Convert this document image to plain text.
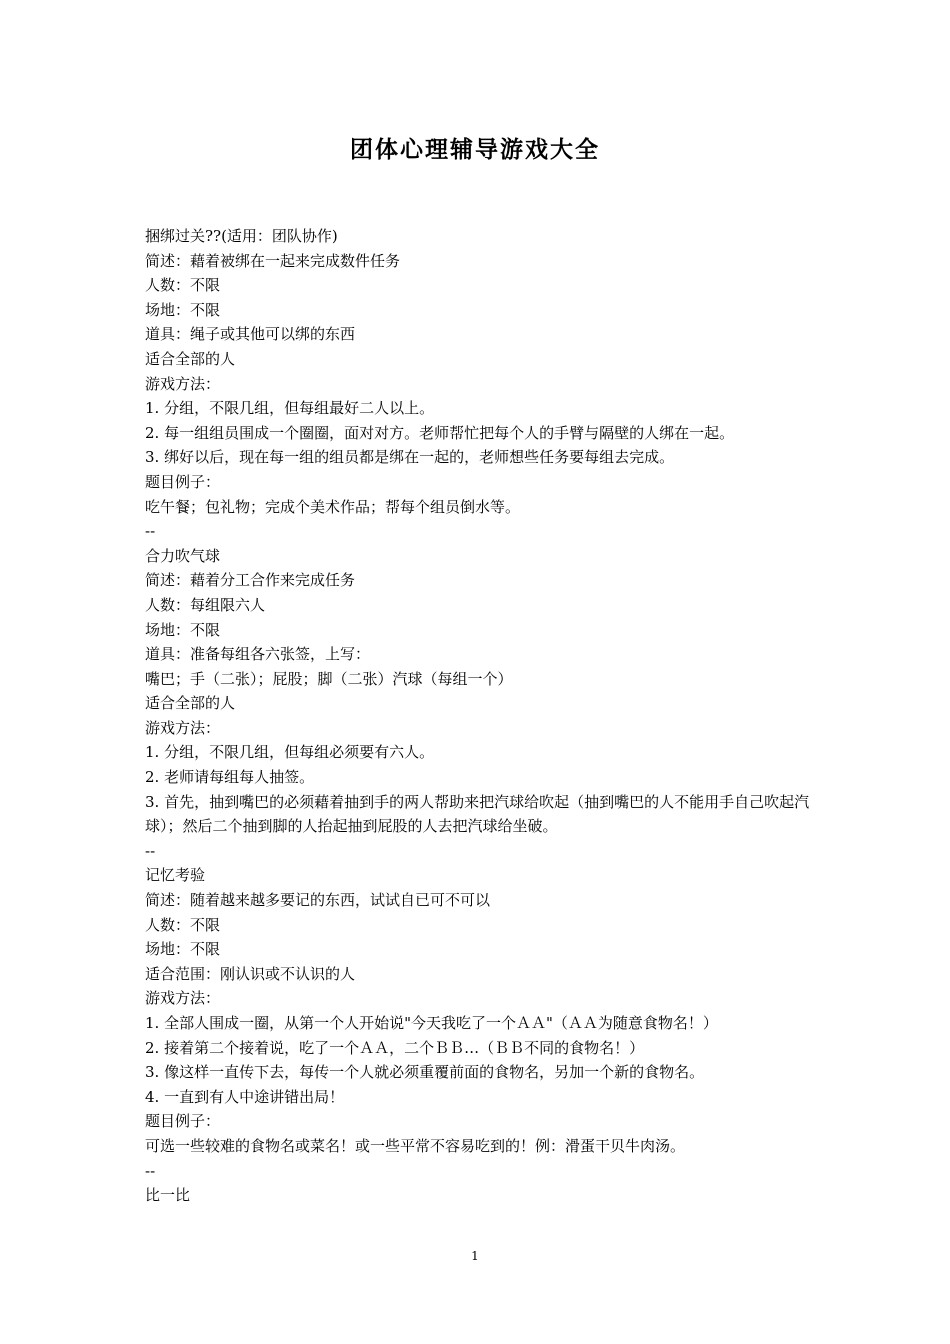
团体心理辅导游戏大全
捆绑过关??(适用：团队协作)
简述：藉着被绑在一起来完成数件任务
人数：不限
场地：不限
道具：绳子或其他可以绑的东西
适合全部的人
游戏方法：
1. 分组，不限几组，但每组最好二人以上。
2. 每一组组员围成一个圈圈，面对对方。老师帮忙把每个人的手臂与隔壁的人绑在一起。
3. 绑好以后，现在每一组的组员都是绑在一起的，老师想些任务要每组去完成。
题目例子：
吃午餐；包礼物；完成个美术作品；帮每个组员倒水等。
--
合力吹气球
简述：藉着分工合作来完成任务
人数：每组限六人
场地：不限
道具：准备每组各六张签，上写：
嘴巴；手（二张）；屁股；脚（二张）汽球（每组一个）
适合全部的人
游戏方法：
1. 分组，不限几组，但每组必须要有六人。
2. 老师请每组每人抽签。
3. 首先，抽到嘴巴的必须藉着抽到手的两人帮助来把汽球给吹起（抽到嘴巴的人不能用手自己吹起汽球）；然后二个抽到脚的人抬起抽到屁股的人去把汽球给坐破。
--
记忆考验
简述：随着越来越多要记的东西，试试自已可不可以
人数：不限
场地：不限
适合范围：刚认识或不认识的人
游戏方法：
1. 全部人围成一圈，从第一个人开始说"今天我吃了一个ＡＡ"（ＡＡ为随意食物名！）
2. 接着第二个接着说，吃了一个ＡＡ，二个ＢＢ…（ＢＢ不同的食物名！）
3. 像这样一直传下去，每传一个人就必须重覆前面的食物名，另加一个新的食物名。
4. 一直到有人中途讲错出局！
题目例子：
可选一些较难的食物名或菜名！或一些平常不容易吃到的！例：滑蛋干贝牛肉汤。
--
比一比
1
